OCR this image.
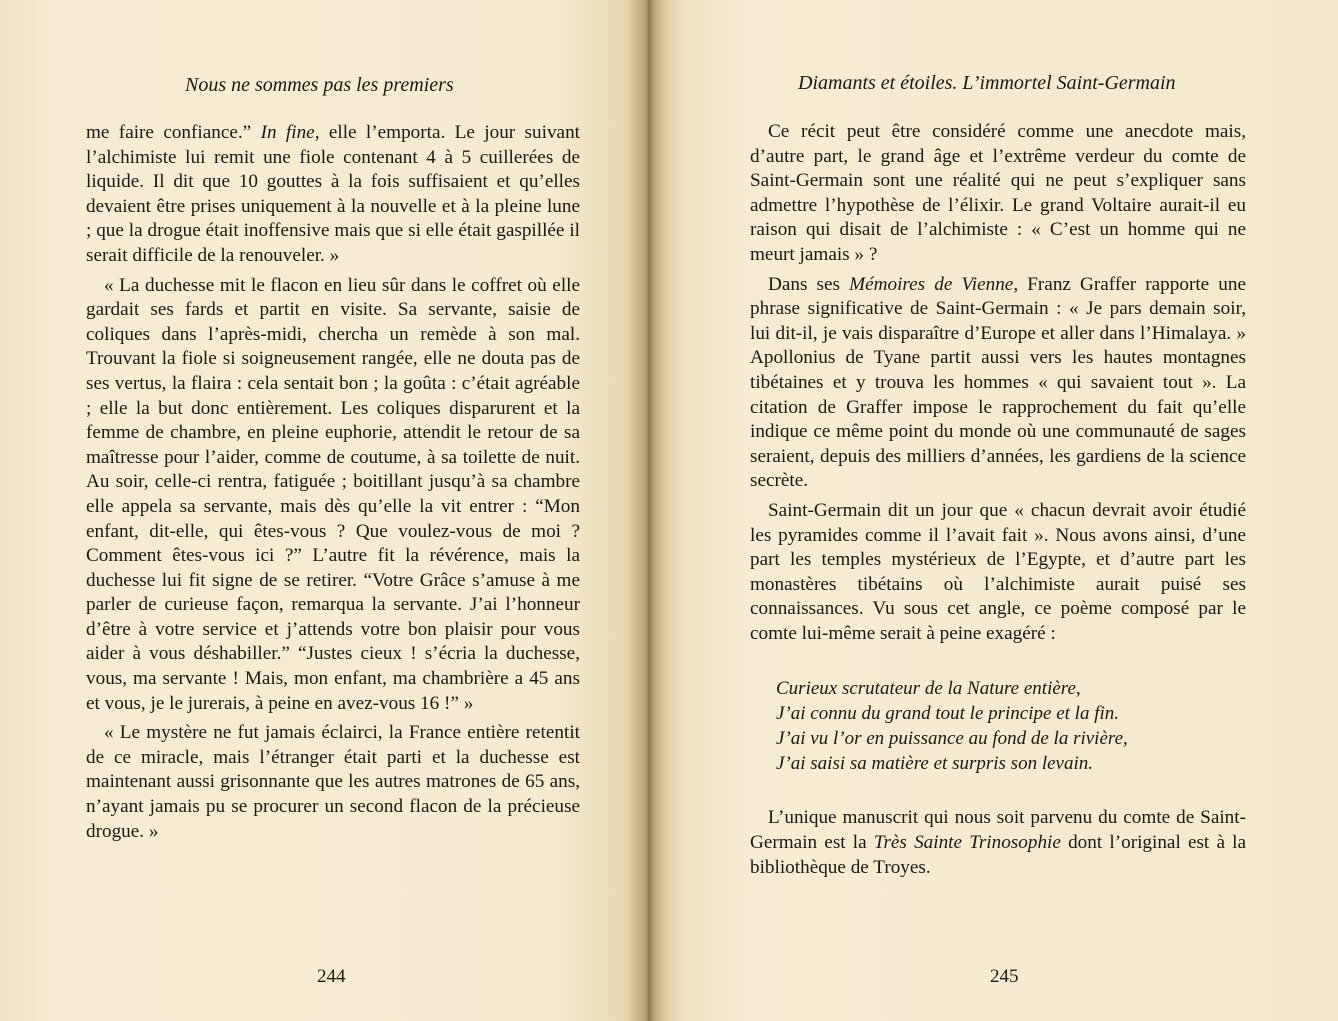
Nous ne sommes pas les premiers

me faire confiance.” In fine, elle l’emporta. Le jour suivant l’alchimiste lui remit une fiole contenant 4 à 5 cuillerées de liquide. Il dit que 10 gouttes à la fois suffisaient et qu’elles devaient être prises uniquement à la nouvelle et à la pleine lune ; que la drogue était inoffensive mais que si elle était gaspillée il serait difficile de la renouveler. »

« La duchesse mit le flacon en lieu sûr dans le coffret où elle gardait ses fards et partit en visite. Sa servante, saisie de coliques dans l’après-midi, chercha un remède à son mal. Trouvant la fiole si soigneusement rangée, elle ne douta pas de ses vertus, la flaira : cela sentait bon ; la goûta : c’était agréable ; elle la but donc entièrement. Les coliques disparurent et la femme de chambre, en pleine euphorie, attendit le retour de sa maîtresse pour l’aider, comme de coutume, à sa toilette de nuit. Au soir, celle-ci rentra, fatiguée ; boitillant jusqu’à sa chambre elle appela sa servante, mais dès qu’elle la vit entrer : “Mon enfant, dit-elle, qui êtes-vous ? Que voulez-vous de moi ? Comment êtes-vous ici ?” L’autre fit la révérence, mais la duchesse lui fit signe de se retirer. “Votre Grâce s’amuse à me parler de curieuse façon, remarqua la servante. J’ai l’honneur d’être à votre service et j’attends votre bon plaisir pour vous aider à vous déshabiller.” “Justes cieux ! s’écria la duchesse, vous, ma servante ! Mais, mon enfant, ma chambrière a 45 ans et vous, je le jurerais, à peine en avez-vous 16 !” »

« Le mystère ne fut jamais éclairci, la France entière retentit de ce miracle, mais l’étranger était parti et la duchesse est maintenant aussi grisonnante que les autres matrones de 65 ans, n’ayant jamais pu se procurer un second flacon de la précieuse drogue. »

244
Diamants et étoiles. L’immortel Saint-Germain

Ce récit peut être considéré comme une anecdote mais, d’autre part, le grand âge et l’extrême verdeur du comte de Saint-Germain sont une réalité qui ne peut s’expliquer sans admettre l’hypothèse de l’élixir. Le grand Voltaire aurait-il eu raison qui disait de l’alchimiste : « C’est un homme qui ne meurt jamais » ?

Dans ses Mémoires de Vienne, Franz Graffer rapporte une phrase significative de Saint-Germain : « Je pars demain soir, lui dit-il, je vais disparaître d’Europe et aller dans l’Himalaya. » Apollonius de Tyane partit aussi vers les hautes montagnes tibétaines et y trouva les hommes « qui savaient tout ». La citation de Graffer impose le rapprochement du fait qu’elle indique ce même point du monde où une communauté de sages seraient, depuis des milliers d’années, les gardiens de la science secrète.

Saint-Germain dit un jour que « chacun devrait avoir étudié les pyramides comme il l’avait fait ». Nous avons ainsi, d’une part les temples mystérieux de l’Egypte, et d’autre part les monastères tibétains où l’alchimiste aurait puisé ses connaissances. Vu sous cet angle, ce poème composé par le comte lui-même serait à peine exagéré :

Curieux scrutateur de la Nature entière,
J’ai connu du grand tout le principe et la fin.
J’ai vu l’or en puissance au fond de la rivière,
J’ai saisi sa matière et surpris son levain.

L’unique manuscrit qui nous soit parvenu du comte de Saint-Germain est la Très Sainte Trinosophie dont l’original est à la bibliothèque de Troyes.

245
